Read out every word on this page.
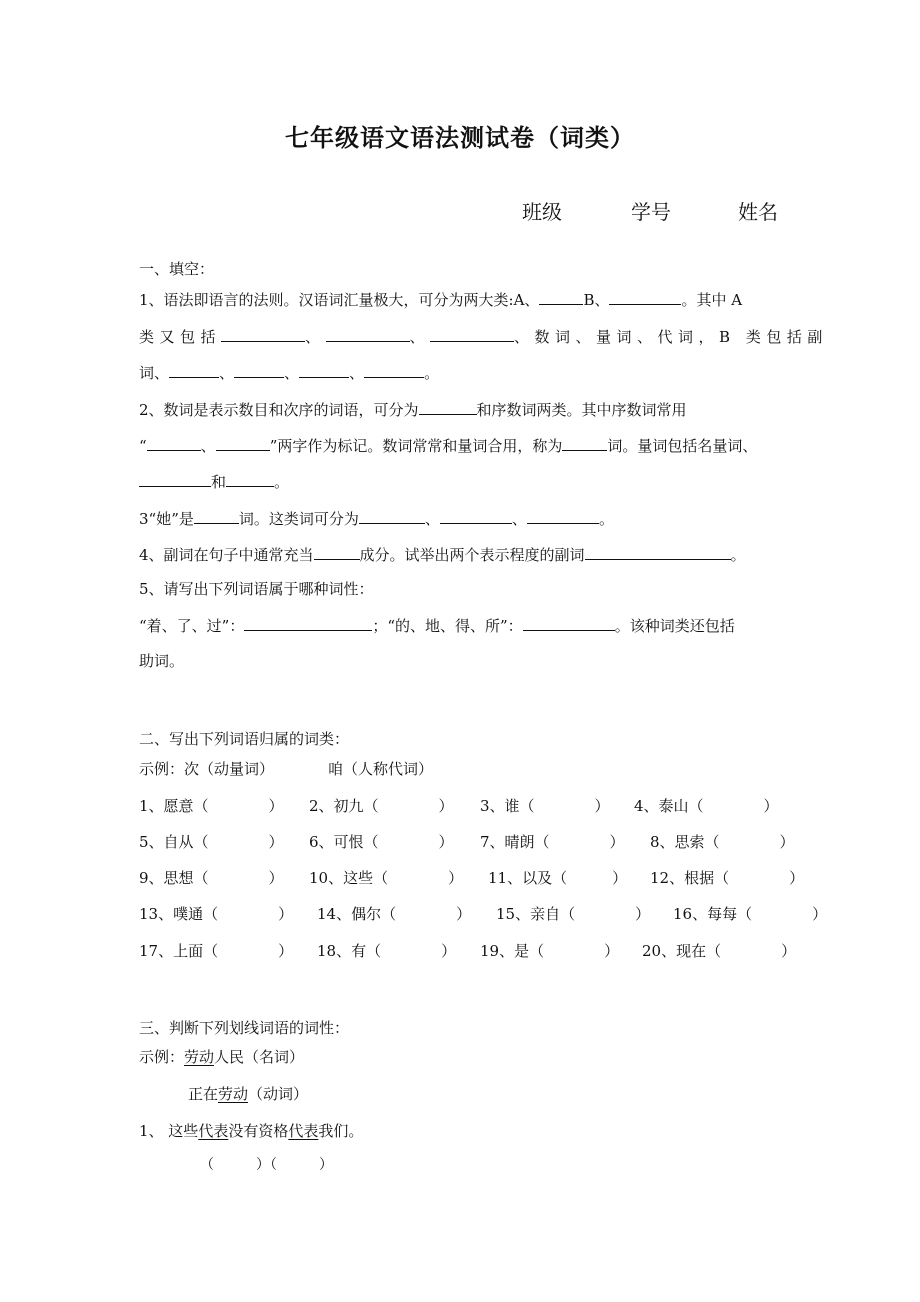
七年级语文语法测试卷（词类）
班级	学号	姓名
一、填空：
1、语法即语言的法则。汉语词汇量极大，可分为两大类:A、	B、	。其中 A
类又包括	、	、	、数词、量词、代词，B 类包括副
词、	、	、	、	。
2、数词是表示数目和次序的词语，可分为	和序数词两类。其中序数词常用
“	、	”两字作为标记。数词常常和量词合用，称为	词。量词包括名量词、
和	。
3“她”是	词。这类词可分为	、	、	。
4、副词在句子中通常充当	成分。试举出两个表示程度的副词	。
5、请写出下列词语属于哪种词性：
“着、了、过”：	；“的、地、得、所”：	。该种词类还包括
助词。
二、写出下列词语归属的词类：
示例：次（动量词）	咱（人称代词）
1、愿意（　　　　） 2、初九（　　　　） 3、谁（　　　　） 4、泰山（　　　　）
5、自从（　　　　） 6、可恨（　　　　） 7、晴朗（　　　　） 8、思索（　　　　）
9、思想（　　　　） 10、这些（　　　　） 11、以及（　　　） 12、根据（　　　　）
13、噗通（　　　　） 14、偶尔（　　　　） 15、亲自（　　　　） 16、每每（　　　　）
17、上面（　　　　） 18、有（　　　　） 19、是（　　　　） 20、现在（　　　　）
三、判断下列划线词语的词性：
示例：劳动人民（名词）
正在劳动（动词）
1、 这些代表没有资格代表我们。
（　　　）（　　　）
